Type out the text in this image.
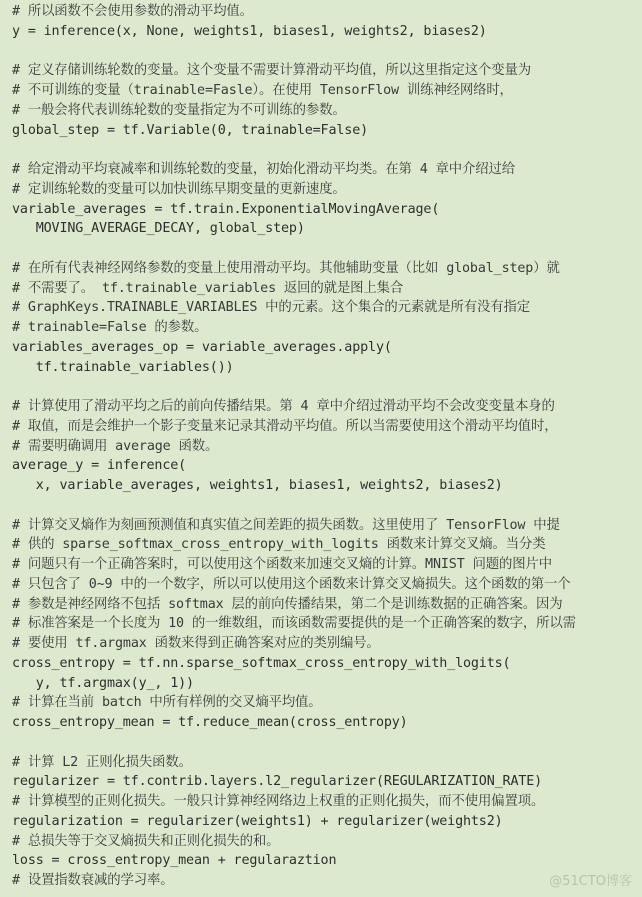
# 所以函数不会使用参数的滑动平均值。
y = inference(x, None, weights1, biases1, weights2, biases2)
# 定义存储训练轮数的变量。这个变量不需要计算滑动平均值，所以这里指定这个变量为
# 不可训练的变量（trainable=Fasle）。在使用 TensorFlow 训练神经网络时，
# 一般会将代表训练轮数的变量指定为不可训练的参数。
global_step = tf.Variable(0, trainable=False)
# 给定滑动平均衰减率和训练轮数的变量，初始化滑动平均类。在第 4 章中介绍过给
# 定训练轮数的变量可以加快训练早期变量的更新速度。
variable_averages = tf.train.ExponentialMovingAverage(
MOVING_AVERAGE_DECAY, global_step)
# 在所有代表神经网络参数的变量上使用滑动平均。其他辅助变量（比如 global_step）就
# 不需要了。 tf.trainable_variables 返回的就是图上集合
# GraphKeys.TRAINABLE_VARIABLES 中的元素。这个集合的元素就是所有没有指定
# trainable=False 的参数。
variables_averages_op = variable_averages.apply(
tf.trainable_variables())
# 计算使用了滑动平均之后的前向传播结果。第 4 章中介绍过滑动平均不会改变变量本身的
# 取值，而是会维护一个影子变量来记录其滑动平均值。所以当需要使用这个滑动平均值时，
# 需要明确调用 average 函数。
average_y = inference(
x, variable_averages, weights1, biases1, weights2, biases2)
# 计算交叉熵作为刻画预测值和真实值之间差距的损失函数。这里使用了 TensorFlow 中提
# 供的 sparse_softmax_cross_entropy_with_logits 函数来计算交叉熵。当分类
# 问题只有一个正确答案时，可以使用这个函数来加速交叉熵的计算。MNIST 问题的图片中
# 只包含了 0~9 中的一个数字，所以可以使用这个函数来计算交叉熵损失。这个函数的第一个
# 参数是神经网络不包括 softmax 层的前向传播结果，第二个是训练数据的正确答案。因为
# 标准答案是一个长度为 10 的一维数组，而该函数需要提供的是一个正确答案的数字，所以需
# 要使用 tf.argmax 函数来得到正确答案对应的类别编号。
cross_entropy = tf.nn.sparse_softmax_cross_entropy_with_logits(
y, tf.argmax(y_, 1))
# 计算在当前 batch 中所有样例的交叉熵平均值。
cross_entropy_mean = tf.reduce_mean(cross_entropy)
# 计算 L2 正则化损失函数。
regularizer = tf.contrib.layers.l2_regularizer(REGULARIZATION_RATE)
# 计算模型的正则化损失。一般只计算神经网络边上权重的正则化损失，而不使用偏置项。
regularization = regularizer(weights1) + regularizer(weights2)
# 总损失等于交叉熵损失和正则化损失的和。
loss = cross_entropy_mean + regularaztion
# 设置指数衰减的学习率。	@51CTO博客
